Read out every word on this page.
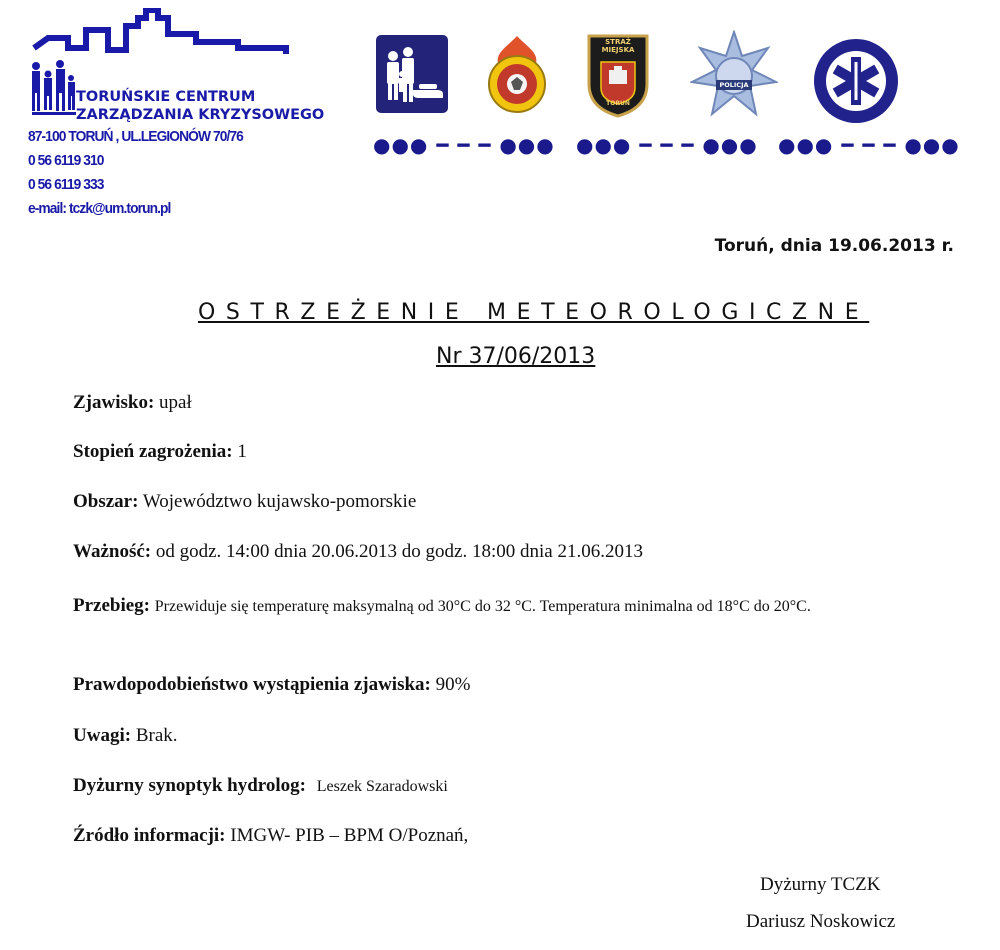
TORUŃSKIE CENTRUM
ZARZĄDZANIA KRYZYSOWEGO
87-100 TORUŃ , UL.LEGIONÓW 70/76
0 56 6119 310
0 56 6119 333
e-mail: tczk@um.torun.pl
STRAŻ
MIEJSKA
TORUŃ
POLICJA
●●● ━ ━ ━ ●●● ●●● ━ ━ ━ ●●● ●●● ━ ━ ━ ●●●
Toruń, dnia 19.06.2013 r.
OSTRZEŻENIE METEOROLOGICZNE
Nr 37/06/2013
Zjawisko: upał
Stopień zagrożenia: 1
Obszar: Województwo kujawsko-pomorskie
Ważność: od godz. 14:00 dnia 20.06.2013 do godz. 18:00 dnia 21.06.2013
Przebieg: Przewiduje się temperaturę maksymalną od 30°C do 32 °C. Temperatura minimalna od 18°C do 20°C.
Prawdopodobieństwo wystąpienia zjawiska: 90%
Uwagi: Brak.
Dyżurny synoptyk hydrolog: Leszek Szaradowski
Źródło informacji: IMGW- PIB – BPM O/Poznań,
Dyżurny TCZK
Dariusz Noskowicz
